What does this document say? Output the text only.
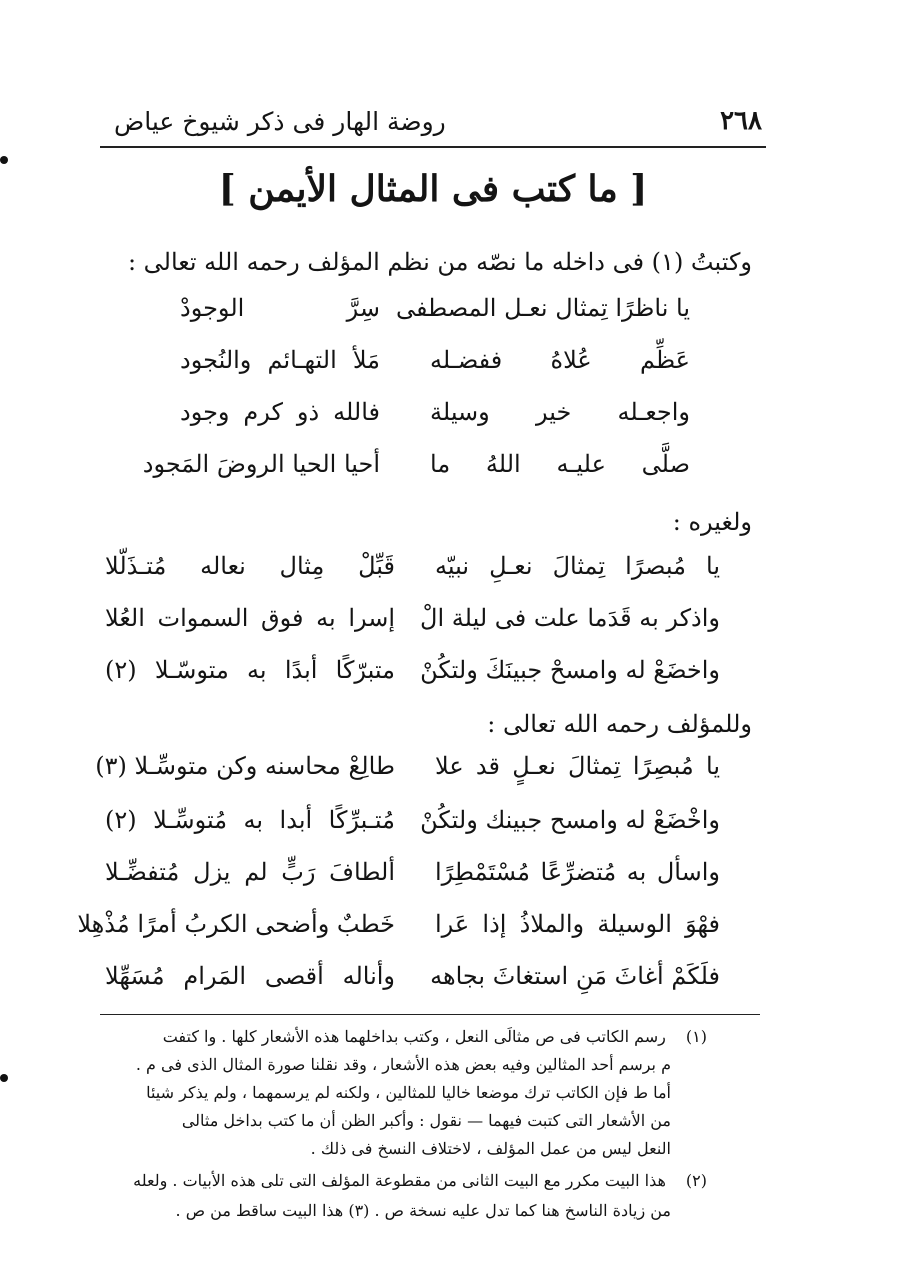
٢٦٨
روضة الهار فى ذكر شيوخ عياض
[ ما كتب فى المثال الأيمن ]
وكتبتُ (١) فى داخله ما نصّه من نظم المؤلف رحمه الله تعالى :
يا ناظرًا تِمثال نعـل المصطفى
سِرَّ الوجودْ
عَظِّم عُلاهُ ففضـله
مَلأ التهـائم والنُجود
واجعـله خير وسيلة
فالله ذو كرم وجود
صلَّى عليـه اللهُ ما
أحيا الحيا الروضَ المَجود
ولغيره :
يا مُبصرًا تِمثالَ نعـلِ نبيّه
قَبِّلْ مِثال نعاله مُتـذَلّلا
واذكر به قَدَما علت فى ليلة الْ
إسرا به فوق السموات العُلا
واخضَعْ له وامسحْ جبينَكَ ولتكُنْ
متبرّكًا أبدًا به متوسّـلا (٢)
وللمؤلف رحمه الله تعالى :
يا مُبصِرًا تِمثالَ نعـلٍ قد علا
طالِعْ محاسنه وكن متوسِّـلا (٣)
واخْضَعْ له وامسح جبينك ولتكُنْ
مُتـبرِّكًا أبدا به مُتوسِّـلا (٢)
واسأل به مُتضرِّعًا مُسْتَمْطِرًا
ألطافَ رَبٍّ لم يزل مُتفضِّـلا
فهْوَ الوسيلة والملاذُ إذا عَرا
خَطبٌ وأضحى الكربُ أمرًا مُذْهِلا
فلَكَمْ أغاثَ مَنِ استغاثَ بجاهه
وأناله أقصى المَرام مُسَهِّلا
(١) رسم الكاتب فى ص مثالَى النعل ، وكتب بداخلهما هذه الأشعار كلها . وا كتفت
م برسم أحد المثالين وفيه بعض هذه الأشعار ، وقد نقلنا صورة المثال الذى فى م .
أما ط فإن الكاتب ترك موضعا خاليا للمثالين ، ولكنه لم يرسمهما ، ولم يذكر شيئا
من الأشعار التى كتبت فيهما — نقول : وأكبر الظن أن ما كتب بداخل مثالى
النعل ليس من عمل المؤلف ، لاختلاف النسخ فى ذلك .
(٢) هذا البيت مكرر مع البيت الثانى من مقطوعة المؤلف التى تلى هذه الأبيات . ولعله
من زيادة الناسخ هنا كما تدل عليه نسخة ص . (٣) هذا البيت ساقط من ص .
